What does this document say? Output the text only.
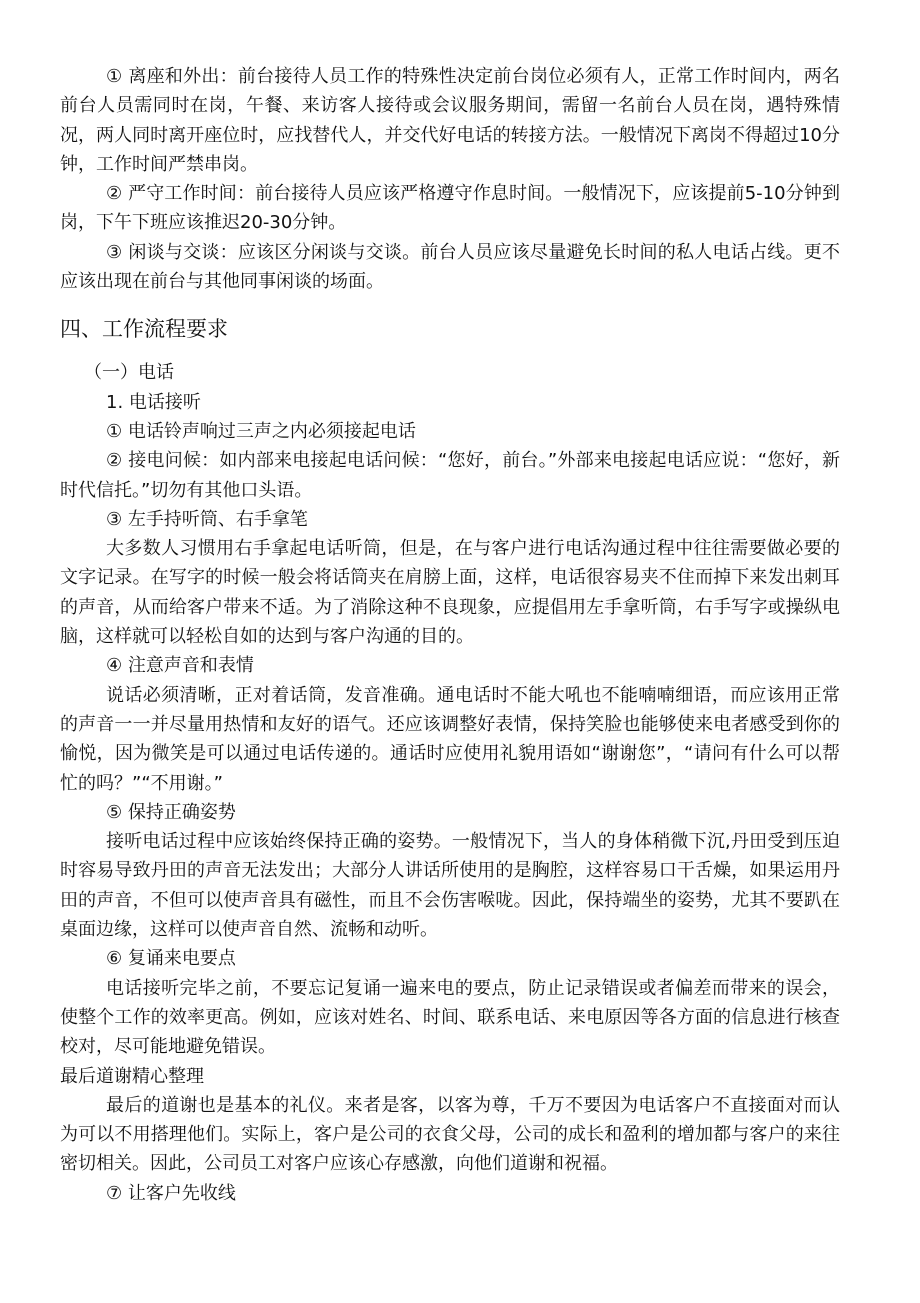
① 离座和外出：前台接待人员工作的特殊性决定前台岗位必须有人，正常工作时间内，两名前台人员需同时在岗，午餐、来访客人接待或会议服务期间，需留一名前台人员在岗，遇特殊情况，两人同时离开座位时，应找替代人，并交代好电话的转接方法。一般情况下离岗不得超过10分钟，工作时间严禁串岗。

② 严守工作时间：前台接待人员应该严格遵守作息时间。一般情况下，应该提前5-10分钟到岗，下午下班应该推迟20-30分钟。

③ 闲谈与交谈：应该区分闲谈与交谈。前台人员应该尽量避免长时间的私人电话占线。更不应该出现在前台与其他同事闲谈的场面。

四、工作流程要求

（一）电话

1. 电话接听

① 电话铃声响过三声之内必须接起电话

② 接电问候：如内部来电接起电话问候：“您好，前台。”外部来电接起电话应说：“您好，新时代信托。”切勿有其他口头语。

③ 左手持听筒、右手拿笔

大多数人习惯用右手拿起电话听筒，但是，在与客户进行电话沟通过程中往往需要做必要的文字记录。在写字的时候一般会将话筒夹在肩膀上面，这样，电话很容易夹不住而掉下来发出刺耳的声音，从而给客户带来不适。为了消除这种不良现象，应提倡用左手拿听筒，右手写字或操纵电脑，这样就可以轻松自如的达到与客户沟通的目的。

④ 注意声音和表情

说话必须清晰，正对着话筒，发音准确。通电话时不能大吼也不能喃喃细语，而应该用正常的声音一一并尽量用热情和友好的语气。还应该调整好表情，保持笑脸也能够使来电者感受到你的愉悦，因为微笑是可以通过电话传递的。通话时应使用礼貌用语如“谢谢您”，“请问有什么可以帮忙的吗？”“不用谢。”

⑤ 保持正确姿势

接听电话过程中应该始终保持正确的姿势。一般情况下，当人的身体稍微下沉,丹田受到压迫时容易导致丹田的声音无法发出；大部分人讲话所使用的是胸腔，这样容易口干舌燥，如果运用丹田的声音，不但可以使声音具有磁性，而且不会伤害喉咙。因此，保持端坐的姿势，尤其不要趴在桌面边缘，这样可以使声音自然、流畅和动听。

⑥ 复诵来电要点

电话接听完毕之前，不要忘记复诵一遍来电的要点，防止记录错误或者偏差而带来的误会，使整个工作的效率更高。例如，应该对姓名、时间、联系电话、来电原因等各方面的信息进行核查校对，尽可能地避免错误。

最后道谢精心整理

最后的道谢也是基本的礼仪。来者是客，以客为尊，千万不要因为电话客户不直接面对而认为可以不用搭理他们。实际上，客户是公司的衣食父母，公司的成长和盈利的增加都与客户的来往密切相关。因此，公司员工对客户应该心存感激，向他们道谢和祝福。

⑦ 让客户先收线
